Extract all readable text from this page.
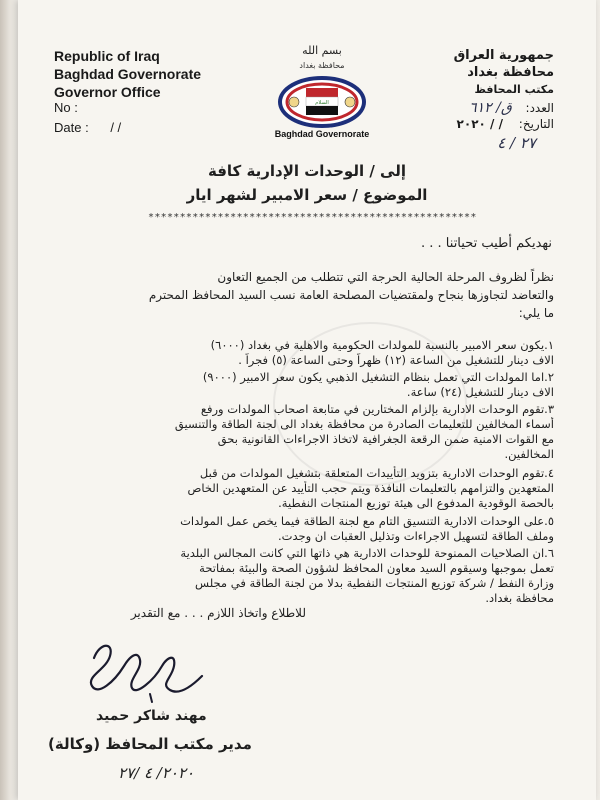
Republic of Iraq
Baghdad Governorate
Governor Office
No :
Date : / /
بسم الله
محافظة بغداد
السلام
Baghdad Governorate
جمهورية العراق
محافظة بغداد
مكتب المحافظ
العدد: ق/ ٦١٢
التاريخ: / / ٢٠٢٠
٢٧ / ٤
إلى / الوحدات الإدارية كافة
الموضوع / سعر الامبير لشهر ايار
****************************************************
نهديكم أطيب تحياتنا . . .
نظراً لظروف المرحلة الحالية الحرجة التي تتطلب من الجميع التعاون
والتعاضد لتجاوزها بنجاح ولمقتضيات المصلحة العامة نسب السيد المحافظ المحترم
ما يلي:
١.يكون سعر الامبير بالنسبة للمولدات الحكومية والاهلية في بغداد (٦٠٠٠)
الاف دينار للتشغيل من الساعة (١٢) ظهراً وحتى الساعة (٥) فجراً .
٢.اما المولدات التي تعمل بنظام التشغيل الذهبي يكون سعر الامبير (٩٠٠٠)
الاف دينار للتشغيل (٢٤) ساعة.
٣.تقوم الوحدات الادارية بإلزام المختارين في متابعة اصحاب المولدات ورفع
أسماء المخالفين للتعليمات الصادرة من محافظة بغداد الى لجنة الطاقة والتنسيق
مع القوات الامنية ضمن الرقعة الجغرافية لاتخاذ الاجراءات القانونية بحق
المخالفين.
٤.تقوم الوحدات الادارية بتزويد التأييدات المتعلقة بتشغيل المولدات من قبل
المتعهدين والتزامهم بالتعليمات النافذة ويتم حجب التأييد عن المتعهدين الخاص
بالحصة الوقودية المدفوع الى هيئة توزيع المنتجات النفطية.
٥.على الوحدات الادارية التنسيق التام مع لجنة الطاقة فيما يخص عمل المولدات
وملف الطاقة لتسهيل الاجراءات وتذليل العقبات ان وجدت.
٦.ان الصلاحيات الممنوحة للوحدات الادارية هي ذاتها التي كانت المجالس البلدية
تعمل بموجبها وسيقوم السيد معاون المحافظ لشؤون الصحة والبيئة بمفاتحة
وزارة النفط / شركة توزيع المنتجات النفطية بدلا من لجنة الطاقة في مجلس
محافظة بغداد.
للاطلاع واتخاذ اللازم . . . مع التقدير
مهند شاكر حميد
مدير مكتب المحافظ (وكالة)
٢٠٢٠/ ٤ /٢٧
